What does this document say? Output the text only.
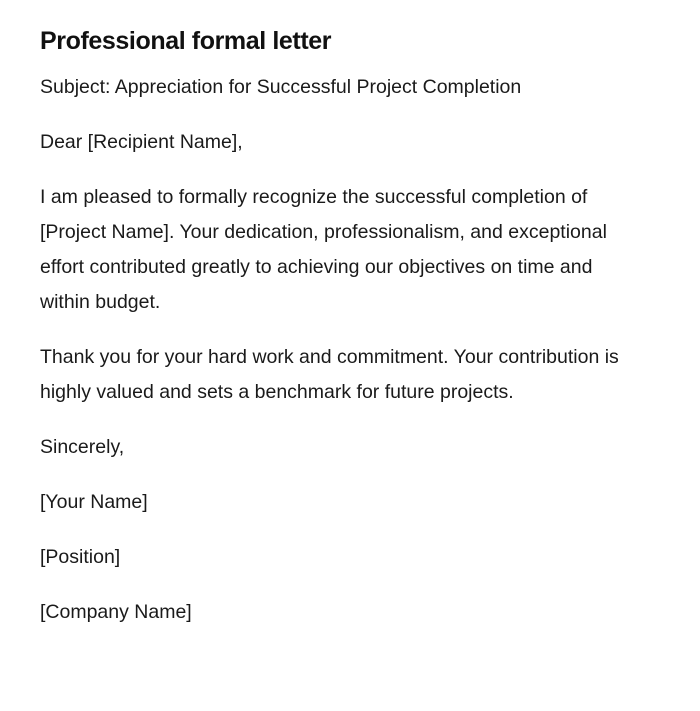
Professional formal letter

Subject: Appreciation for Successful Project Completion

Dear [Recipient Name],

I am pleased to formally recognize the successful completion of [Project Name]. Your dedication, professionalism, and exceptional effort contributed greatly to achieving our objectives on time and within budget.

Thank you for your hard work and commitment. Your contribution is highly valued and sets a benchmark for future projects.

Sincerely,

[Your Name]

[Position]

[Company Name]
